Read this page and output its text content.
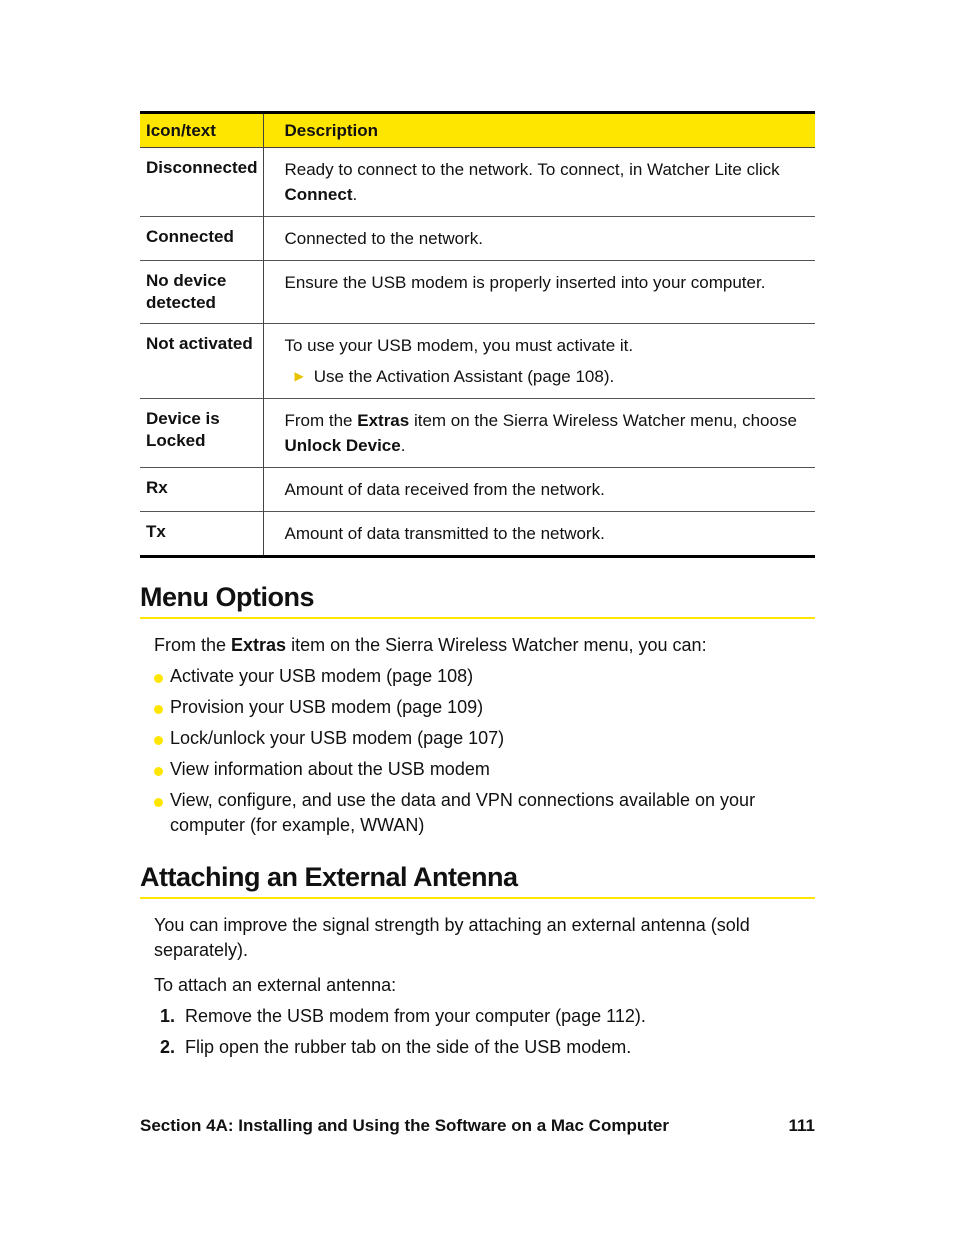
Icon/text	Description
Disconnected	Ready to connect to the network. To connect, in Watcher Lite click Connect.
Connected	Connected to the network.
No device detected	Ensure the USB modem is properly inserted into your computer.
Not activated	To use your USB modem, you must activate it.
▶ Use the Activation Assistant (page 108).

Device is Locked	From the Extras item on the Sierra Wireless Watcher menu, choose Unlock Device.
Rx	Amount of data received from the network.
Tx	Amount of data transmitted to the network.
Menu Options

From the Extras item on the Sierra Wireless Watcher menu, you can:

Activate your USB modem (page 108)
Provision your USB modem (page 109)
Lock/unlock your USB modem (page 107)
View information about the USB modem
View, configure, and use the data and VPN connections available on your computer (for example, WWAN)
Attaching an External Antenna

You can improve the signal strength by attaching an external antenna (sold separately).

To attach an external antenna:

1. Remove the USB modem from your computer (page 112).
2. Flip open the rubber tab on the side of the USB modem.
Section 4A: Installing and Using the Software on a Mac Computer	111
